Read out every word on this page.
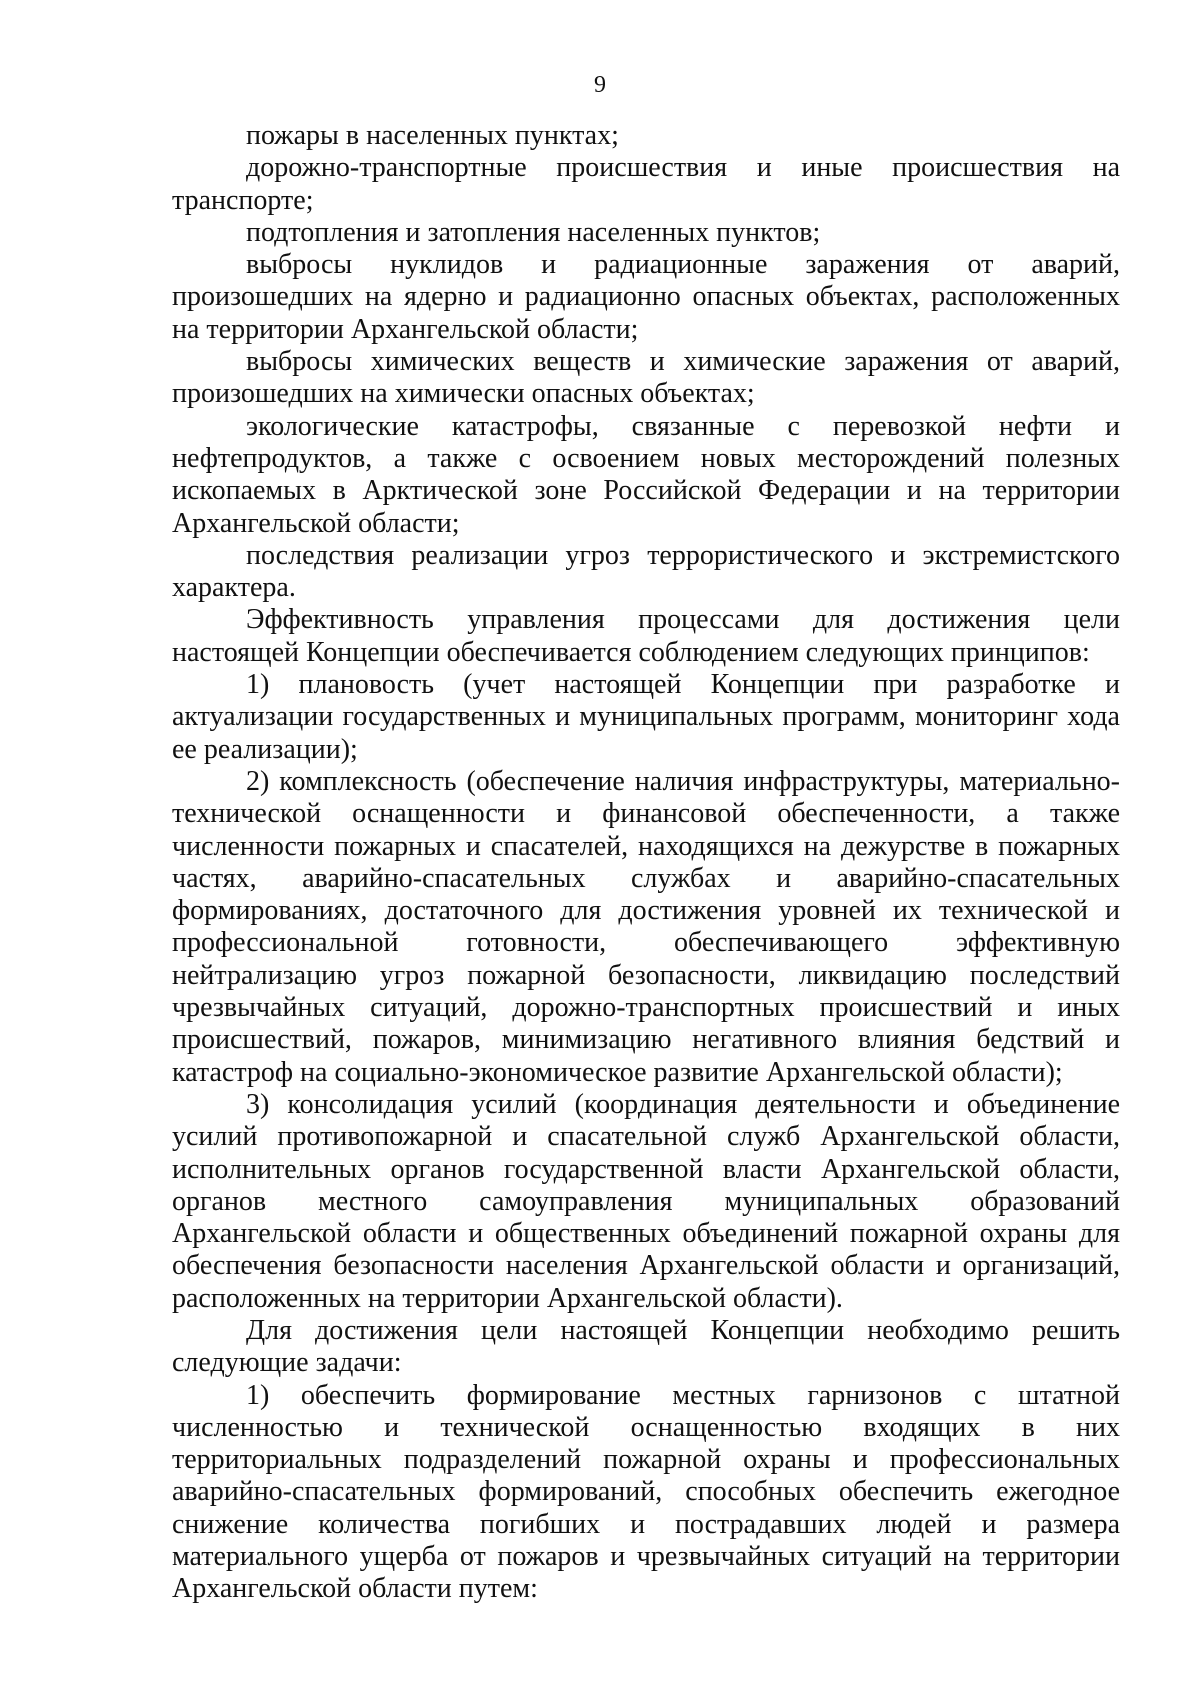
9

пожары в населенных пунктах;

дорожно-транспортные происшествия и иные происшествия на транспорте;

подтопления и затопления населенных пунктов;

выбросы нуклидов и радиационные заражения от аварий, произошедших на ядерно и радиационно опасных объектах, расположенных на территории Архангельской области;

выбросы химических веществ и химические заражения от аварий, произошедших на химически опасных объектах;

экологические катастрофы, связанные с перевозкой нефти и нефтепродуктов, а также с освоением новых месторождений полезных ископаемых в Арктической зоне Российской Федерации и на территории Архангельской области;

последствия реализации угроз террористического и экстремистского характера.

Эффективность управления процессами для достижения цели настоящей Концепции обеспечивается соблюдением следующих принципов:

1) плановость (учет настоящей Концепции при разработке и актуализации государственных и муниципальных программ, мониторинг хода ее реализации);

2) комплексность (обеспечение наличия инфраструктуры, материально-технической оснащенности и финансовой обеспеченности, а также численности пожарных и спасателей, находящихся на дежурстве в пожарных частях, аварийно-спасательных службах и аварийно-спасательных формированиях, достаточного для достижения уровней их технической и профессиональной готовности, обеспечивающего эффективную нейтрализацию угроз пожарной безопасности, ликвидацию последствий чрезвычайных ситуаций, дорожно-транспортных происшествий и иных происшествий, пожаров, минимизацию негативного влияния бедствий и катастроф на социально-экономическое развитие Архангельской области);

3) консолидация усилий (координация деятельности и объединение усилий противопожарной и спасательной служб Архангельской области, исполнительных органов государственной власти Архангельской области, органов местного самоуправления муниципальных образований Архангельской области и общественных объединений пожарной охраны для обеспечения безопасности населения Архангельской области и организаций, расположенных на территории Архангельской области).

Для достижения цели настоящей Концепции необходимо решить следующие задачи:

1) обеспечить формирование местных гарнизонов с штатной численностью и технической оснащенностью входящих в них территориальных подразделений пожарной охраны и профессиональных аварийно-спасательных формирований, способных обеспечить ежегодное снижение количества погибших и пострадавших людей и размера материального ущерба от пожаров и чрезвычайных ситуаций на территории Архангельской области путем:
